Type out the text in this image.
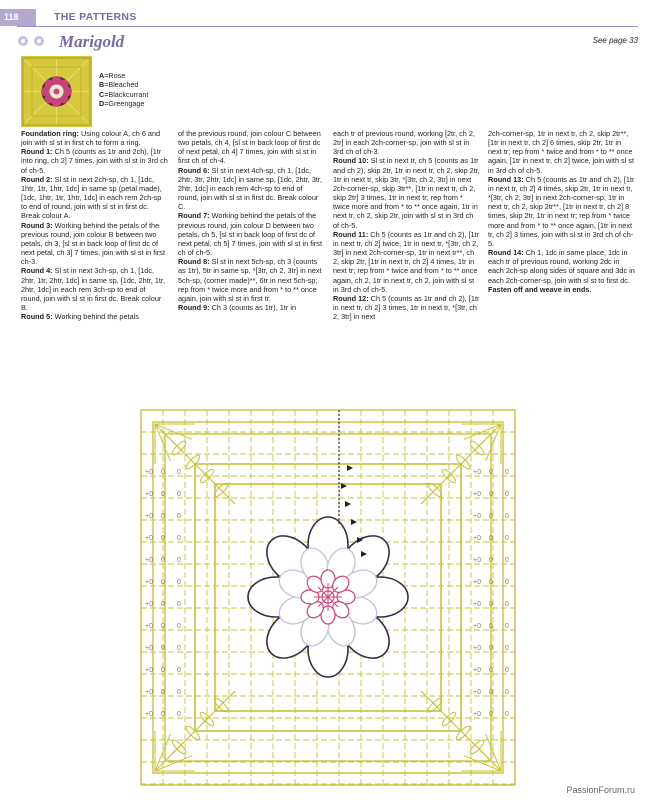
118	THE PATTERNS
Marigold	See page 33
A=Rose
B=Bleached
C=Blackcurrant
D=Greengage

Foundation ring: Using colour A, ch 6 and join with sl st in first ch to form a ring.

Round 1: Ch 5 (counts as 1tr and 2ch), [1tr into ring, ch 2] 7 times, join with sl st in 3rd ch of ch-5.

Round 2: Sl st in next 2ch-sp, ch 1, [1dc, 1htr, 1tr, 1htr, 1dc] in same sp (petal made), [1dc, 1htr, 1tr, 1htr, 1dc] in each rem 2ch-sp to end of round, join with sl st in first dc. Break colour A.

Round 3: Working behind the petals of the previous round, join colour B between two petals, ch 3, [sl st in back loop of first dc of next petal, ch 3] 7 times, join with sl st in first ch-3.

Round 4: Sl st in next 3ch-sp, ch 1, [1dc, 2htr, 1tr, 2htr, 1dc] in same sp, [1dc, 2htr, 1tr, 2htr, 1dc] in each rem 3ch-sp to end of round, join with sl st in first dc. Break colour B.

Round 5: Working behind the petals

of the previous round, join colour C between two petals, ch 4, [sl st in back loop of first dc of next petal, ch 4] 7 times, join with sl st in first ch of ch-4.

Round 6: Sl st in next 4ch-sp, ch 1, [1dc, 2htr, 3tr, 2htr, 1dc] in same sp, [1dc, 2htr, 3tr, 2htr, 1dc] in each rem 4ch-sp to end of round, join with sl st in first dc. Break colour C.

Round 7: Working behind the petals of the previous round, join colour D between two petals, ch 5, [sl st in back loop of first dc of next petal, ch 5] 7 times, join with sl st in first ch of ch-5.

Round 8: Sl st in next 5ch-sp, ch 3 (counts as 1tr), 5tr in same sp, *[3tr, ch 2, 3tr] in next 5ch-sp, (corner made)**, 6tr in next 5ch-sp; rep from * twice more and from * to ** once again, join with sl st in first tr.

Round 9: Ch 3 (counts as 1tr), 1tr in

each tr of previous round, working [2tr, ch 2, 2tr] in each 2ch-corner-sp, join with sl st in 3rd ch of ch-3.

Round 10: Sl st in next tr, ch 5 (counts as 1tr and ch 2), skip 2tr, 1tr in next tr, ch 2, skip 2tr, 1tr in next tr, skip 3tr, *[3tr, ch 2, 3tr] in next 2ch-corner-sp, skip 3tr**, [1tr in next tr, ch 2, skip 2tr] 3 times, 1tr in next tr; rep from * twice more and from * to ** once again, 1tr in next tr, ch 2, skip 2tr, join with sl st in 3rd ch of ch-5.

Round 11: Ch 5 (counts as 1tr and ch 2), [1tr in next tr, ch 2] twice, 1tr in next tr, *[3tr, ch 2, 3tr] in next 2ch-corner-sp, 1tr in next tr**, ch 2, skip 2tr, [1tr in next tr, ch 2] 4 times, 1tr in next tr; rep from * twice and from * to ** once again, ch 2, 1tr in next tr, ch 2, join with sl st in 3rd ch of ch-5.

Round 12: Ch 5 (counts as 1tr and ch 2), [1tr in next tr, ch 2] 3 times, 1tr in next tr, *[3tr, ch 2, 3tr] in next

2ch-corner-sp, 1tr in next tr, ch 2, skip 2tr**, [1tr in next tr, ch 2] 6 times, skip 2tr, 1tr in next tr; rep from * twice and from * to ** once again, [1tr in next tr, ch 2] twice, join with sl st in 3rd ch of ch-5.

Round 13: Ch 5 (counts as 1tr and ch 2), [1tr in next tr, ch 2] 4 times, skip 2tr, 1tr in next tr, *[3tr, ch 2, 3tr] in next 2ch-corner-sp, 1tr in next tr, ch 2, skip 2tr**, [1tr in next tr, ch 2] 8 times, skip 2tr, 1tr in next tr; rep from * twice more and from * to ** once again, [1tr in next tr, ch 2] 3 times, join with sl st in 3rd ch of ch-5.

Round 14: Ch 1, 1dc in same place, 1dc in each tr of previous round, working 2dc in each 2ch-sp along sides of square and 3dc in each 2ch-corner-sp, join with sl st to first dc.

Fasten off and weave in ends.

+0	+0
0	0
0	0
+0	+0
0	0
0	0
+0	+0
0	0
0	0
+0	+0
0	0
0	0
+0	+0
0	0
0	0
+0	+0
0	0
0	0
+0	+0
0	0
0	0
+0	+0
0	0
0	0
+0	+0
0	0
0	0
+0	+0
0	0
0	0
+0	+0
0	0
0	0
+0	+0
0	0
0	0
PassionForum.ru
